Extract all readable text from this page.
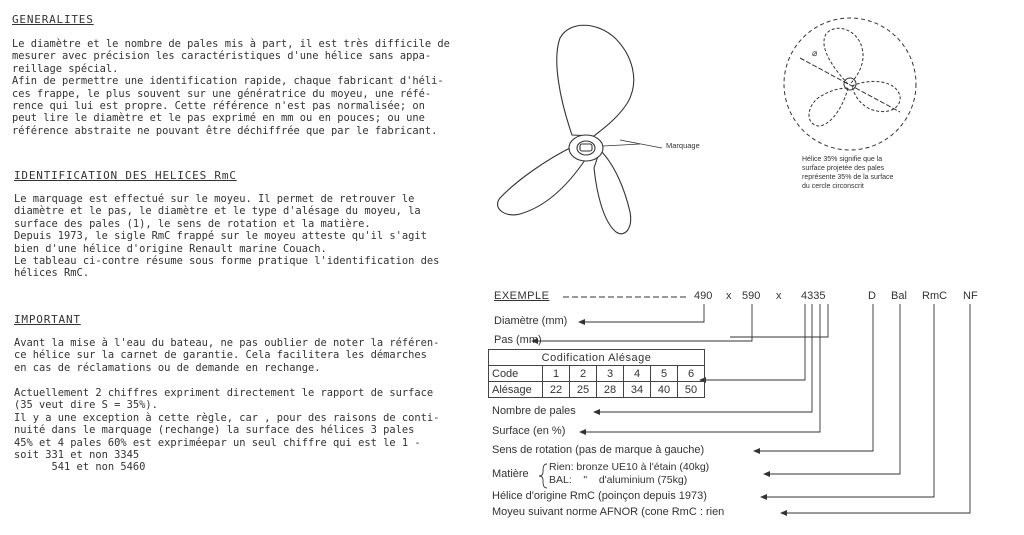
GENERALITES
Le diamètre et le nombre de pales mis à part, il est très difficile de
mesurer avec précision les caractéristiques d'une hélice sans appa-
reillage spécial.
Afin de permettre une identification rapide, chaque fabricant d'héli-
ces frappe, le plus souvent sur une génératrice du moyeu, une réfé-
rence qui lui est propre. Cette référence n'est pas normalisée; on
peut lire le diamètre et le pas exprimé en mm ou en pouces; ou une
référence abstraite ne pouvant être déchiffrée que par le fabricant.
IDENTIFICATION DES HELICES RmC
Le marquage est effectué sur le moyeu. Il permet de retrouver le
diamètre et le pas, le diamètre et le type d'alésage du moyeu, la
surface des pales (1), le sens de rotation et la matière.
Depuis 1973, le sigle RmC frappé sur le moyeu atteste qu'il s'agit
bien d'une hélice d'origine Renault marine Couach.
Le tableau ci-contre résume sous forme pratique l'identification des
hélices RmC.
IMPORTANT
Avant la mise à l'eau du bateau, ne pas oublier de noter la référen-
ce hélice sur la carnet de garantie. Cela facilitera les démarches
en cas de réclamations ou de demande en rechange.
Actuellement 2 chiffres expriment directement le rapport de surface
(35 veut dire S = 35%).
Il y a une exception à cette règle, car , pour des raisons de conti-
nuité dans le marquage (rechange) la surface des hélices 3 pales
45% et 4 pales 60% est expriméepar un seul chiffre qui est le 1 -
soit 331 et non 3345
541 et non 5460
⌀
Marquage
Hélice 35% signifie que la
surface projetée des pales
représente 35% de la surface
du cercle circonscrit
EXEMPLE	490 x 590 x 4335	D Bal RmC NF
Diamètre (mm)
Pas (mm)
Codification Alésage						
Code	1	2	3	4	5	6
Alésage	22	25	28	34	40	50
Nombre de pales
Surface (en %)
Sens de rotation (pas de marque à gauche)
Matière
Rien: bronze UE10 à l'étain (40kg)
BAL:    "    d'aluminium (75kg)
Hélice d'origine RmC (poinçon depuis 1973)
Moyeu suivant norme AFNOR (cone RmC : rien
